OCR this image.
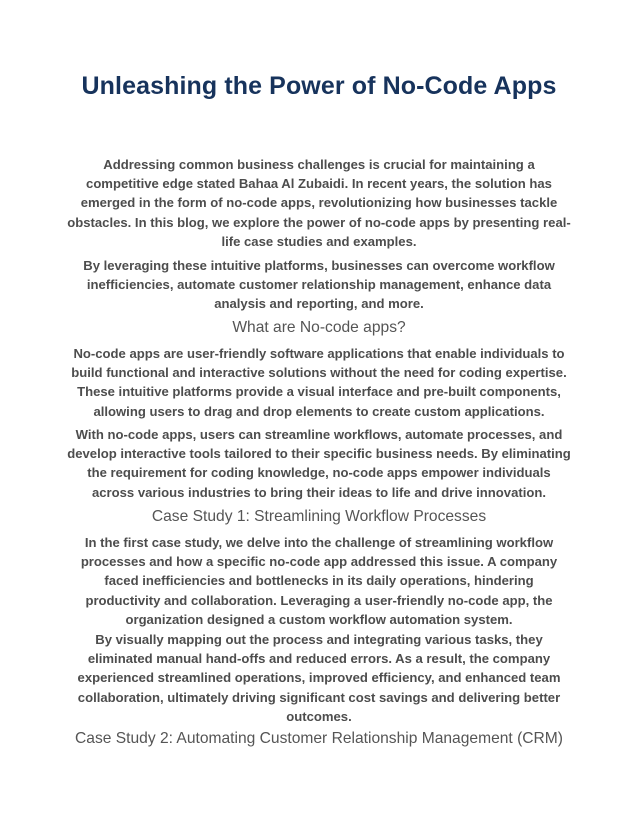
Unleashing the Power of No-Code Apps

Addressing common business challenges is crucial for maintaining a competitive edge stated Bahaa Al Zubaidi. In recent years, the solution has emerged in the form of no-code apps, revolutionizing how businesses tackle obstacles. In this blog, we explore the power of no-code apps by presenting real-life case studies and examples.

By leveraging these intuitive platforms, businesses can overcome workflow inefficiencies, automate customer relationship management, enhance data analysis and reporting, and more.

What are No-code apps?

No-code apps are user-friendly software applications that enable individuals to build functional and interactive solutions without the need for coding expertise. These intuitive platforms provide a visual interface and pre-built components, allowing users to drag and drop elements to create custom applications.

With no-code apps, users can streamline workflows, automate processes, and develop interactive tools tailored to their specific business needs. By eliminating the requirement for coding knowledge, no-code apps empower individuals across various industries to bring their ideas to life and drive innovation.

Case Study 1: Streamlining Workflow Processes

In the first case study, we delve into the challenge of streamlining workflow processes and how a specific no-code app addressed this issue. A company faced inefficiencies and bottlenecks in its daily operations, hindering productivity and collaboration. Leveraging a user-friendly no-code app, the organization designed a custom workflow automation system.

By visually mapping out the process and integrating various tasks, they eliminated manual hand-offs and reduced errors. As a result, the company experienced streamlined operations, improved efficiency, and enhanced team collaboration, ultimately driving significant cost savings and delivering better outcomes.

Case Study 2: Automating Customer Relationship Management (CRM)
